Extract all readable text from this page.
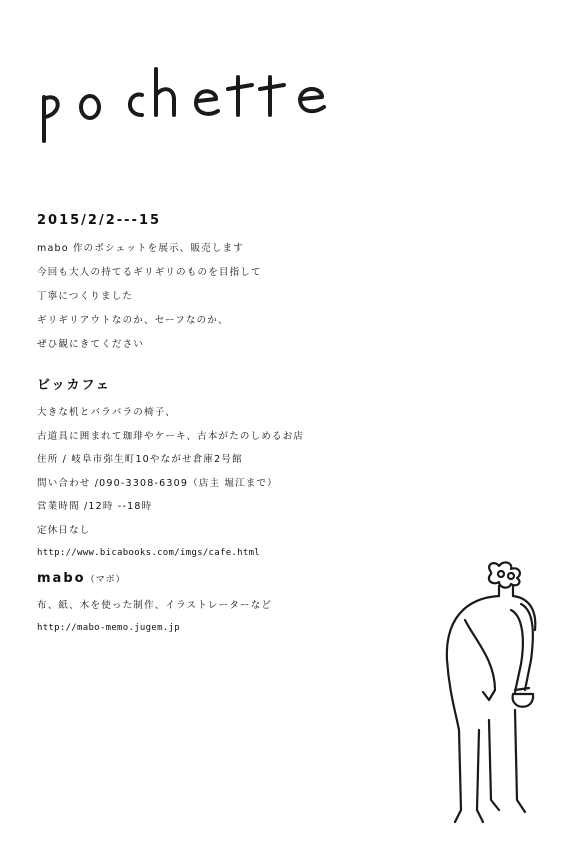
pochette
2015/2/2---15

mabo 作のポシェットを展示、販売します

今回も大人の持てるギリギリのものを目指して

丁寧につくりました

ギリギリアウトなのか、セーフなのか、

ぜひ観にきてください

ビッカフェ

大きな机とバラバラの椅子、

古道具に囲まれて珈琲やケーキ、古本がたのしめるお店

住所 / 岐阜市弥生町10やながせ倉庫2号館

問い合わせ /090-3308-6309（店主 堀江まで）

営業時間 /12時 --18時

定休日なし

http://www.bicabooks.com/imgs/cafe.html

mabo（マボ）

布、紙、木を使った制作、イラストレーターなど

http://mabo-memo.jugem.jp
